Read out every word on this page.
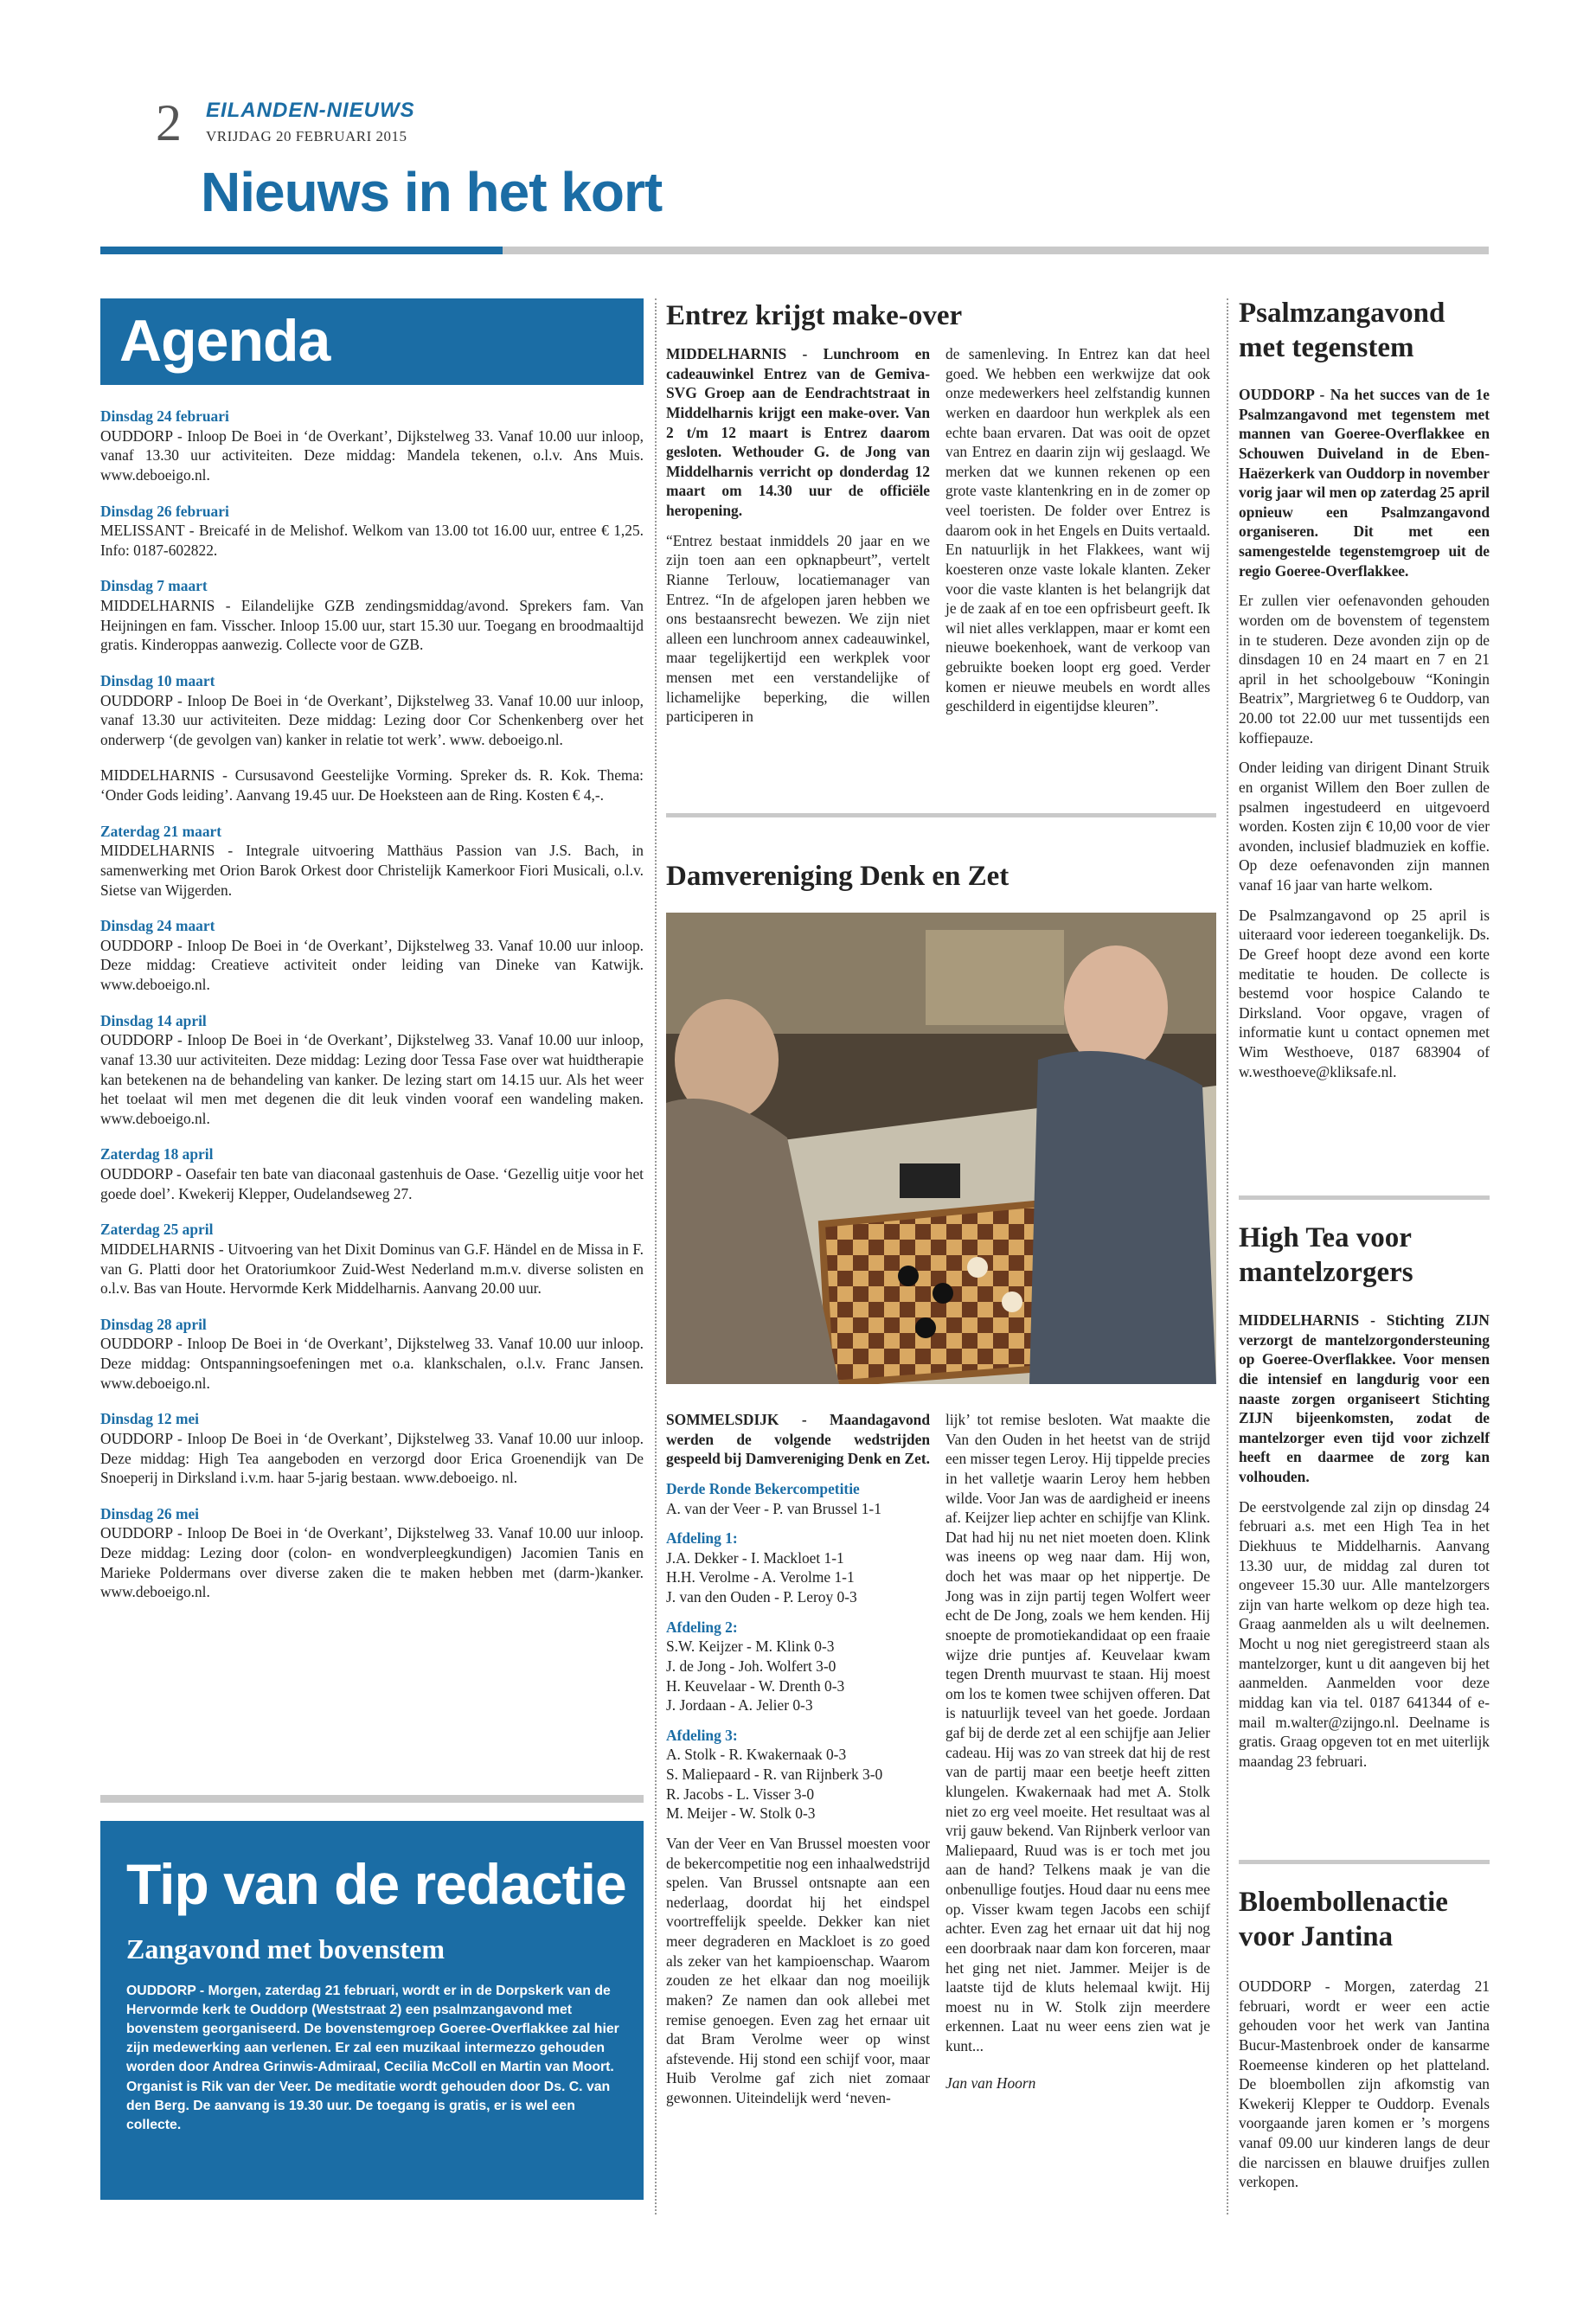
2 EILANDEN-NIEUWS
VRIJDAG 20 FEBRUARI 2015
Nieuws in het kort
Agenda
Dinsdag 24 februari
OUDDORP - Inloop De Boei in ‘de Overkant’, Dijkstelweg 33. Vanaf 10.00 uur inloop, vanaf 13.30 uur activiteiten. Deze middag: Mandela tekenen, o.l.v. Ans Muis. www.deboeigo.nl.
Dinsdag 26 februari
MELISSANT - Breicafé in de Melishof. Welkom van 13.00 tot 16.00 uur, entree € 1,25. Info: 0187-602822.
Dinsdag 7 maart
MIDDELHARNIS - Eilandelijke GZB zendingsmiddag/avond. Sprekers fam. Van Heijningen en fam. Visscher. Inloop 15.00 uur, start 15.30 uur. Toegang en broodmaaltijd gratis. Kinderoppas aanwezig. Collecte voor de GZB.
Dinsdag 10 maart
OUDDORP - Inloop De Boei in ‘de Overkant’, Dijkstelweg 33. Vanaf 10.00 uur inloop, vanaf 13.30 uur activiteiten. Deze middag: Lezing door Cor Schenkenberg over het onderwerp ‘(de gevolgen van) kanker in relatie tot werk’. www. deboeigo.nl.
MIDDELHARNIS - Cursusavond Geestelijke Vorming. Spreker ds. R. Kok. Thema: ‘Onder Gods leiding’. Aanvang 19.45 uur. De Hoeksteen aan de Ring. Kosten € 4,-.
Zaterdag 21 maart
MIDDELHARNIS - Integrale uitvoering Matthäus Passion van J.S. Bach, in samenwerking met Orion Barok Orkest door Christelijk Kamerkoor Fiori Musicali, o.l.v. Sietse van Wijgerden.
Dinsdag 24 maart
OUDDORP - Inloop De Boei in ‘de Overkant’, Dijkstelweg 33. Vanaf 10.00 uur inloop. Deze middag: Creatieve activiteit onder leiding van Dineke van Katwijk. www.deboeigo.nl.
Dinsdag 14 april
OUDDORP - Inloop De Boei in ‘de Overkant’, Dijkstelweg 33. Vanaf 10.00 uur inloop, vanaf 13.30 uur activiteiten. Deze middag: Lezing door Tessa Fase over wat huidtherapie kan betekenen na de behandeling van kanker. De lezing start om 14.15 uur. Als het weer het toelaat wil men met degenen die dit leuk vinden vooraf een wandeling maken. www.deboeigo.nl.
Zaterdag 18 april
OUDDORP - Oasefair ten bate van diaconaal gastenhuis de Oase. ‘Gezellig uitje voor het goede doel’. Kwekerij Klepper, Oudelandseweg 27.
Zaterdag 25 april
MIDDELHARNIS - Uitvoering van het Dixit Dominus van G.F. Händel en de Missa in F. van G. Platti door het Oratoriumkoor Zuid-West Nederland m.m.v. diverse solisten en o.l.v. Bas van Houte. Hervormde Kerk Middelharnis. Aanvang 20.00 uur.
Dinsdag 28 april
OUDDORP - Inloop De Boei in ‘de Overkant’, Dijkstelweg 33. Vanaf 10.00 uur inloop. Deze middag: Ontspanningsoefeningen met o.a. klankschalen, o.l.v. Franc Jansen. www.deboeigo.nl.
Dinsdag 12 mei
OUDDORP - Inloop De Boei in ‘de Overkant’, Dijkstelweg 33. Vanaf 10.00 uur inloop. Deze middag: High Tea aangeboden en verzorgd door Erica Groenendijk van De Snoeperij in Dirksland i.v.m. haar 5-jarig bestaan. www.deboeigo. nl.
Dinsdag 26 mei
OUDDORP - Inloop De Boei in ‘de Overkant’, Dijkstelweg 33. Vanaf 10.00 uur inloop. Deze middag: Lezing door (colon- en wondverpleegkundigen) Jacomien Tanis en Marieke Poldermans over diverse zaken die te maken hebben met (darm-)kanker. www.deboeigo.nl.
Tip van de redactie
Zangavond met bovenstem
OUDDORP - Morgen, zaterdag 21 februari, wordt er in de Dorpskerk van de Hervormde kerk te Ouddorp (Weststraat 2) een psalmzangavond met bovenstem georganiseerd. De bovenstemgroep Goeree-Overflakkee zal hier zijn medewerking aan verlenen. Er zal een muzikaal intermezzo gehouden worden door Andrea Grinwis-Admiraal, Cecilia McColl en Martin van Moort. Organist is Rik van der Veer. De meditatie wordt gehouden door Ds. C. van den Berg. De aanvang is 19.30 uur. De toegang is gratis, er is wel een collecte.
Entrez krijgt make-over

MIDDELHARNIS - Lunchroom en cadeauwinkel Entrez van de Gemiva-SVG Groep aan de Eendrachtstraat in Middelharnis krijgt een make-over. Van 2 t/m 12 maart is Entrez daarom gesloten. Wethouder G. de Jong van Middelharnis verricht op donderdag 12 maart om 14.30 uur de officiële heropening.

“Entrez bestaat inmiddels 20 jaar en we zijn toen aan een opknapbeurt”, vertelt Rianne Terlouw, locatiemanager van Entrez. “In de afgelopen jaren hebben we ons bestaansrecht bewezen. We zijn niet alleen een lunchroom annex cadeauwinkel, maar tegelijkertijd een werkplek voor mensen met een verstandelijke of lichamelijke beperking, die willen participeren in

de samenleving. In Entrez kan dat heel goed. We hebben een werkwijze dat ook onze medewerkers heel zelfstandig kunnen werken en daardoor hun werkplek als een echte baan ervaren. Dat was ooit de opzet van Entrez en daarin zijn wij geslaagd. We merken dat we kunnen rekenen op een grote vaste klantenkring en in de zomer op veel toeristen. De folder over Entrez is daarom ook in het Engels en Duits vertaald. En natuurlijk in het Flakkees, want wij koesteren onze vaste lokale klanten. Zeker voor die vaste klanten is het belangrijk dat je de zaak af en toe een opfrisbeurt geeft. Ik wil niet alles verklappen, maar er komt een nieuwe boekenhoek, want de verkoop van gebruikte boeken loopt erg goed. Verder komen er nieuwe meubels en wordt alles geschilderd in eigentijdse kleuren”.

Damvereniging Denk en Zet

SOMMELSDIJK - Maandagavond werden de volgende wedstrijden gespeeld bij Damvereniging Denk en Zet.

Derde Ronde Bekercompetitie
A. van der Veer - P. van Brussel 1-1
Afdeling 1:
J.A. Dekker - I. Mackloet 1-1
H.H. Verolme - A. Verolme 1-1
J. van den Ouden - P. Leroy 0-3
Afdeling 2:
S.W. Keijzer - M. Klink 0-3
J. de Jong - Joh. Wolfert 3-0
H. Keuvelaar - W. Drenth 0-3
J. Jordaan - A. Jelier 0-3
Afdeling 3:
A. Stolk - R. Kwakernaak 0-3
S. Maliepaard - R. van Rijnberk 3-0
R. Jacobs - L. Visser 3-0
M. Meijer - W. Stolk 0-3

Van der Veer en Van Brussel moesten voor de bekercompetitie nog een inhaalwedstrijd spelen. Van Brussel ontsnapte aan een nederlaag, doordat hij het eindspel voortreffelijk speelde. Dekker kan niet meer degraderen en Mackloet is zo goed als zeker van het kampioenschap. Waarom zouden ze het elkaar dan nog moeilijk maken? Ze namen dan ook allebei met remise genoegen. Even zag het ernaar uit dat Bram Verolme weer op winst afstevende. Hij stond een schijf voor, maar Huib Verolme gaf zich niet zomaar gewonnen. Uiteindelijk werd ‘neven-

lijk’ tot remise besloten. Wat maakte die Van den Ouden in het heetst van de strijd een misser tegen Leroy. Hij tippelde precies in het valletje waarin Leroy hem hebben wilde. Voor Jan was de aardigheid er ineens af. Keijzer liep achter en schijfje van Klink. Dat had hij nu net niet moeten doen. Klink was ineens op weg naar dam. Hij won, doch het was maar op het nippertje. De Jong was in zijn partij tegen Wolfert weer echt de De Jong, zoals we hem kenden. Hij snoepte de promotiekandidaat op een fraaie wijze drie puntjes af. Keuvelaar kwam tegen Drenth muurvast te staan. Hij moest om los te komen twee schijven offeren. Dat is natuurlijk teveel van het goede. Jordaan gaf bij de derde zet al een schijfje aan Jelier cadeau. Hij was zo van streek dat hij de rest van de partij maar een beetje heeft zitten klungelen. Kwakernaak had met A. Stolk niet zo erg veel moeite. Het resultaat was al vrij gauw bekend. Van Rijnberk verloor van Maliepaard, Ruud was is er toch met jou aan de hand? Telkens maak je van die onbenullige foutjes. Houd daar nu eens mee op. Visser kwam tegen Jacobs een schijf achter. Even zag het ernaar uit dat hij nog een doorbraak naar dam kon forceren, maar het ging net niet. Jammer. Meijer is de laatste tijd de kluts helemaal kwijt. Hij moest nu in W. Stolk zijn meerdere erkennen. Laat nu weer eens zien wat je kunt...

Jan van Hoorn

Psalmzangavond met tegenstem

OUDDORP - Na het succes van de 1e Psalmzangavond met tegenstem met mannen van Goeree-Overflakkee en Schouwen Duiveland in de Eben- Haëzerkerk van Ouddorp in november vorig jaar wil men op zaterdag 25 april opnieuw een Psalmzangavond organiseren. Dit met een samengestelde tegenstemgroep uit de regio Goeree-Overflakkee.

Er zullen vier oefenavonden gehouden worden om de bovenstem of tegenstem in te studeren. Deze avonden zijn op de dinsdagen 10 en 24 maart en 7 en 21 april in het schoolgebouw “Koningin Beatrix”, Margrietweg 6 te Ouddorp, van 20.00 tot 22.00 uur met tussentijds een koffiepauze.

Onder leiding van dirigent Dinant Struik en organist Willem den Boer zullen de psalmen ingestudeerd en uitgevoerd worden. Kosten zijn € 10,00 voor de vier avonden, inclusief bladmuziek en koffie. Op deze oefenavonden zijn mannen vanaf 16 jaar van harte welkom.

De Psalmzangavond op 25 april is uiteraard voor iedereen toegankelijk. Ds. De Greef hoopt deze avond een korte meditatie te houden. De collecte is bestemd voor hospice Calando te Dirksland. Voor opgave, vragen of informatie kunt u contact opnemen met Wim Westhoeve, 0187 683904 of w.westhoeve@kliksafe.nl.

High Tea voor mantelzorgers

MIDDELHARNIS - Stichting ZIJN verzorgt de mantelzorgondersteuning op Goeree-Overflakkee. Voor mensen die intensief en langdurig voor een naaste zorgen organiseert Stichting ZIJN bijeenkomsten, zodat de mantelzorger even tijd voor zichzelf heeft en daarmee de zorg kan volhouden.

De eerstvolgende zal zijn op dinsdag 24 februari a.s. met een High Tea in het Diekhuus te Middelharnis. Aanvang 13.30 uur, de middag zal duren tot ongeveer 15.30 uur. Alle mantelzorgers zijn van harte welkom op deze high tea. Graag aanmelden als u wilt deelnemen. Mocht u nog niet geregistreerd staan als mantelzorger, kunt u dit aangeven bij het aanmelden. Aanmelden voor deze middag kan via tel. 0187 641344 of e-mail m.walter@zijngo.nl. Deelname is gratis. Graag opgeven tot en met uiterlijk maandag 23 februari.

Bloembollenactie voor Jantina

OUDDORP - Morgen, zaterdag 21 februari, wordt er weer een actie gehouden voor het werk van Jantina Bucur-Mastenbroek onder de kansarme Roemeense kinderen op het platteland. De bloembollen zijn afkomstig van Kwekerij Klepper te Ouddorp. Evenals voorgaande jaren komen er ’s morgens vanaf 09.00 uur kinderen langs de deur die narcissen en blauwe druifjes zullen verkopen.
